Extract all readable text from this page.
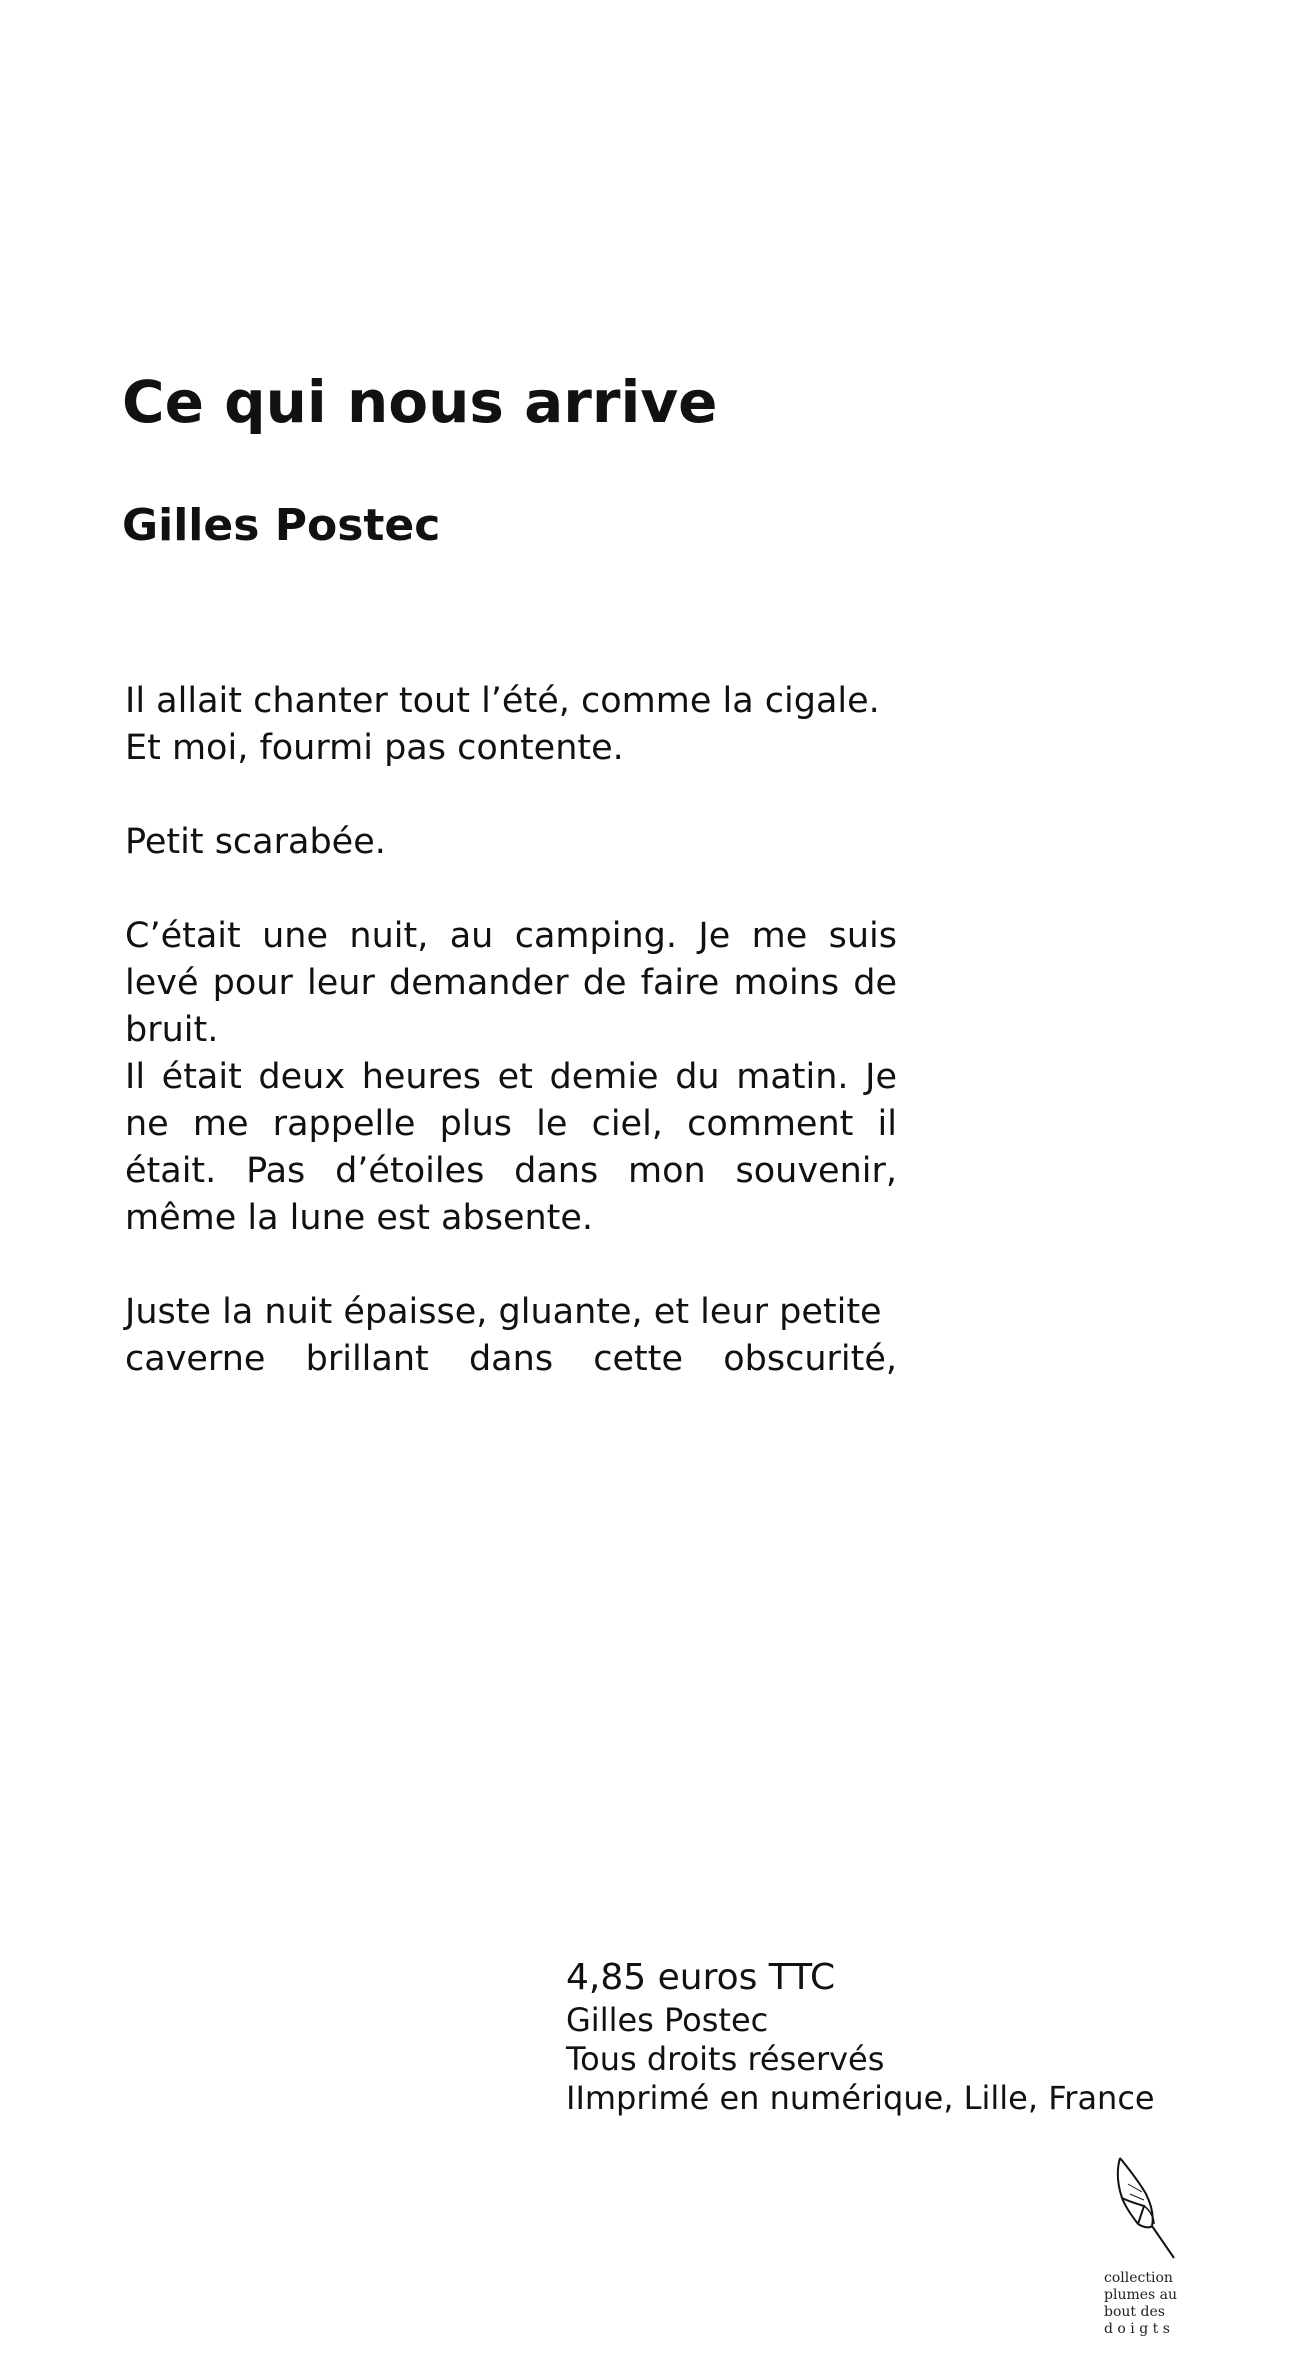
Ce qui nous arrive
Gilles Postec

Il allait chanter tout l’été, comme la cigale.

Et moi, fourmi pas contente.

Petit scarabée.

C’était une nuit, au camping. Je me suis levé pour leur demander de faire moins de bruit.

Il était deux heures et demie du matin. Je ne me rappelle plus le ciel, comment il était. Pas d’étoiles dans mon souvenir, même la lune est absente.

Juste la nuit épaisse, gluante, et leur petite

caverne brillant dans cette obscurité,

4,85 euros TTC
Gilles Postec
Tous droits réservés
IImprimé en numérique, Lille, France
collection
plumes au
bout des
d o i g t s
